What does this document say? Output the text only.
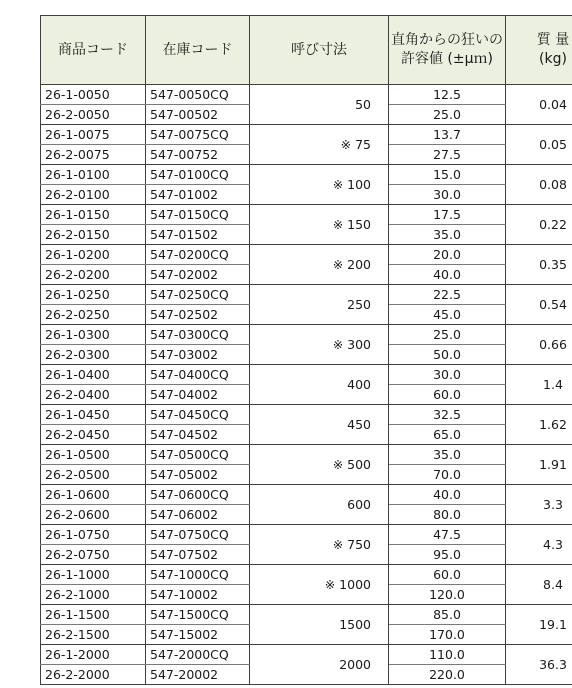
商品コード	在庫コード	呼び寸法	直角からの狂いの
許容値 (±μｍ)	質 量
(kg)

26-1-0050	547-0050CQ	50	12.5	0.04
26-2-0050	547-00502		25.0	
26-1-0075	547-0075CQ	※ 75	13.7	0.05
26-2-0075	547-00752		27.5	
26-1-0100	547-0100CQ	※ 100	15.0	0.08
26-2-0100	547-01002		30.0	
26-1-0150	547-0150CQ	※ 150	17.5	0.22
26-2-0150	547-01502		35.0	
26-1-0200	547-0200CQ	※ 200	20.0	0.35
26-2-0200	547-02002		40.0	
26-1-0250	547-0250CQ	250	22.5	0.54
26-2-0250	547-02502		45.0	
26-1-0300	547-0300CQ	※ 300	25.0	0.66
26-2-0300	547-03002		50.0	
26-1-0400	547-0400CQ	400	30.0	1.4
26-2-0400	547-04002		60.0	
26-1-0450	547-0450CQ	450	32.5	1.62
26-2-0450	547-04502		65.0	
26-1-0500	547-0500CQ	※ 500	35.0	1.91
26-2-0500	547-05002		70.0	
26-1-0600	547-0600CQ	600	40.0	3.3
26-2-0600	547-06002		80.0	
26-1-0750	547-0750CQ	※ 750	47.5	4.3
26-2-0750	547-07502		95.0	
26-1-1000	547-1000CQ	※ 1000	60.0	8.4
26-2-1000	547-10002		120.0	
26-1-1500	547-1500CQ	1500	85.0	19.1
26-2-1500	547-15002		170.0	
26-1-2000	547-2000CQ	2000	110.0	36.3
26-2-2000	547-20002		220.0	
